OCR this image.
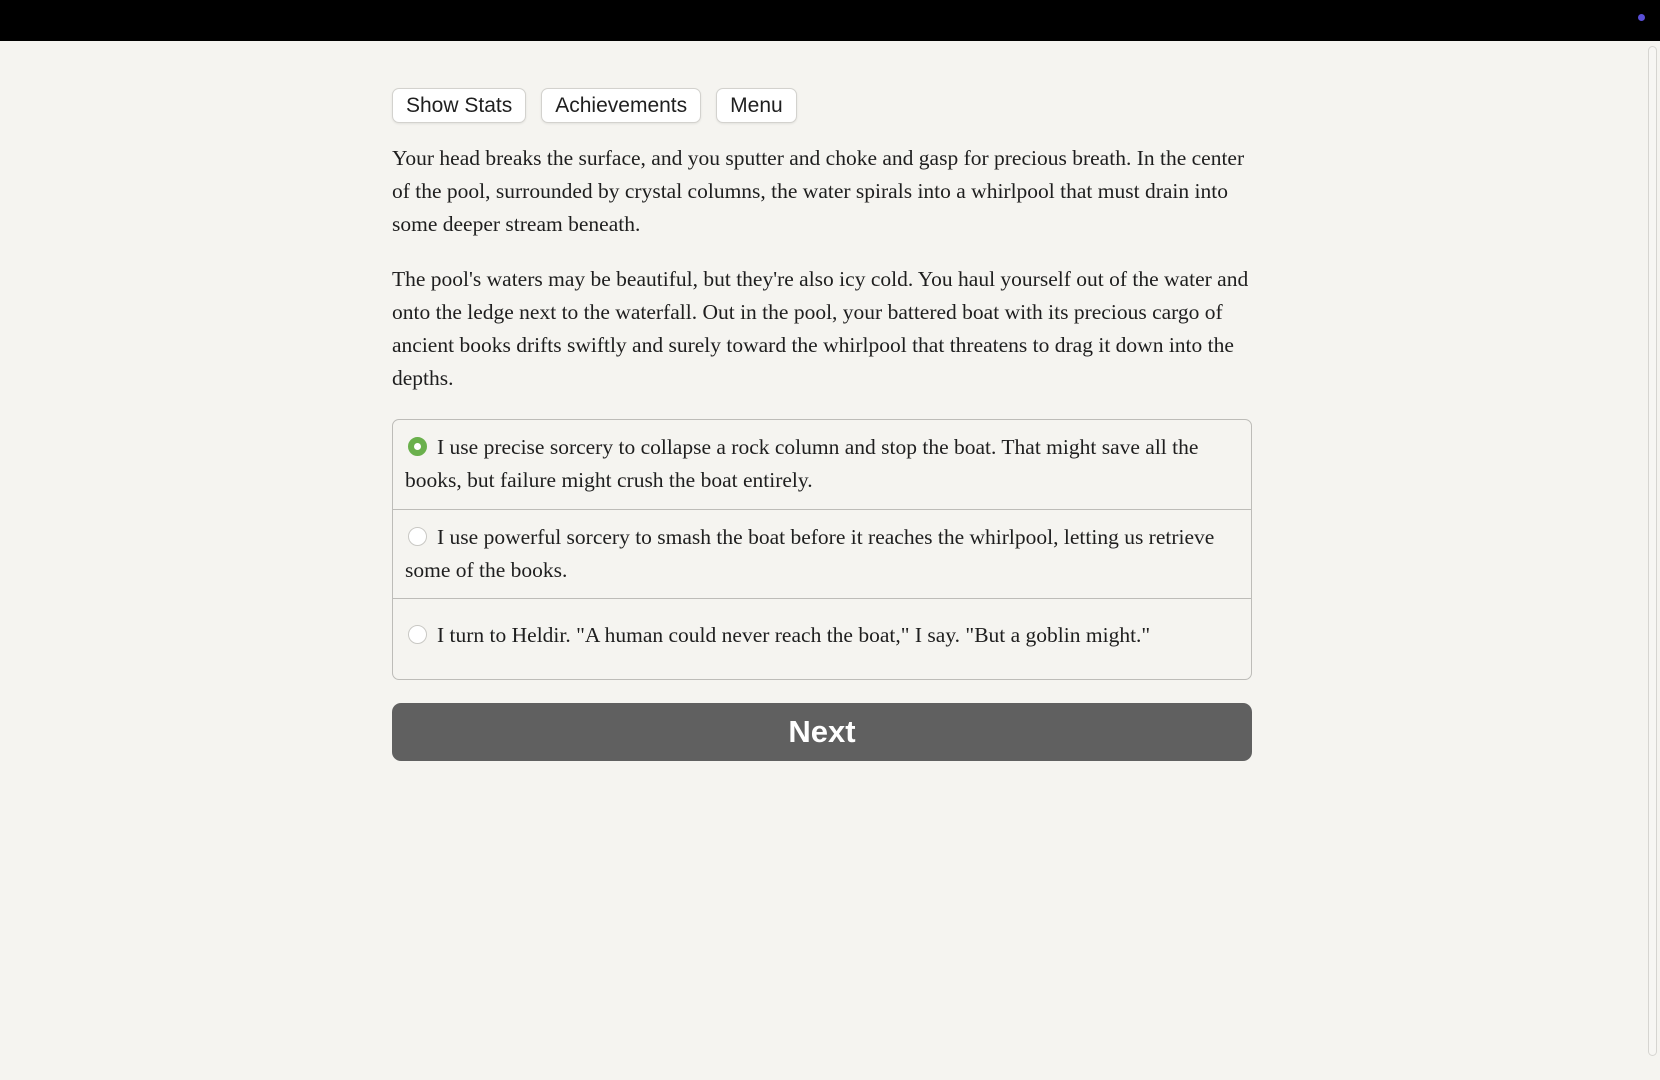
Show Stats	Achievements	Menu

Your head breaks the surface, and you sputter and choke and gasp for precious breath. In the center of the pool, surrounded by crystal columns, the water spirals into a whirlpool that must drain into some deeper stream beneath.

The pool's waters may be beautiful, but they're also icy cold. You haul yourself out of the water and onto the ledge next to the waterfall. Out in the pool, your battered boat with its precious cargo of ancient books drifts swiftly and surely toward the whirlpool that threatens to drag it down into the depths.

I use precise sorcery to collapse a rock column and stop the boat. That might save all the books, but failure might crush the boat entirely.
I use powerful sorcery to smash the boat before it reaches the whirlpool, letting us retrieve some of the books.
I turn to Heldir. "A human could never reach the boat," I say. "But a goblin might."
Next
